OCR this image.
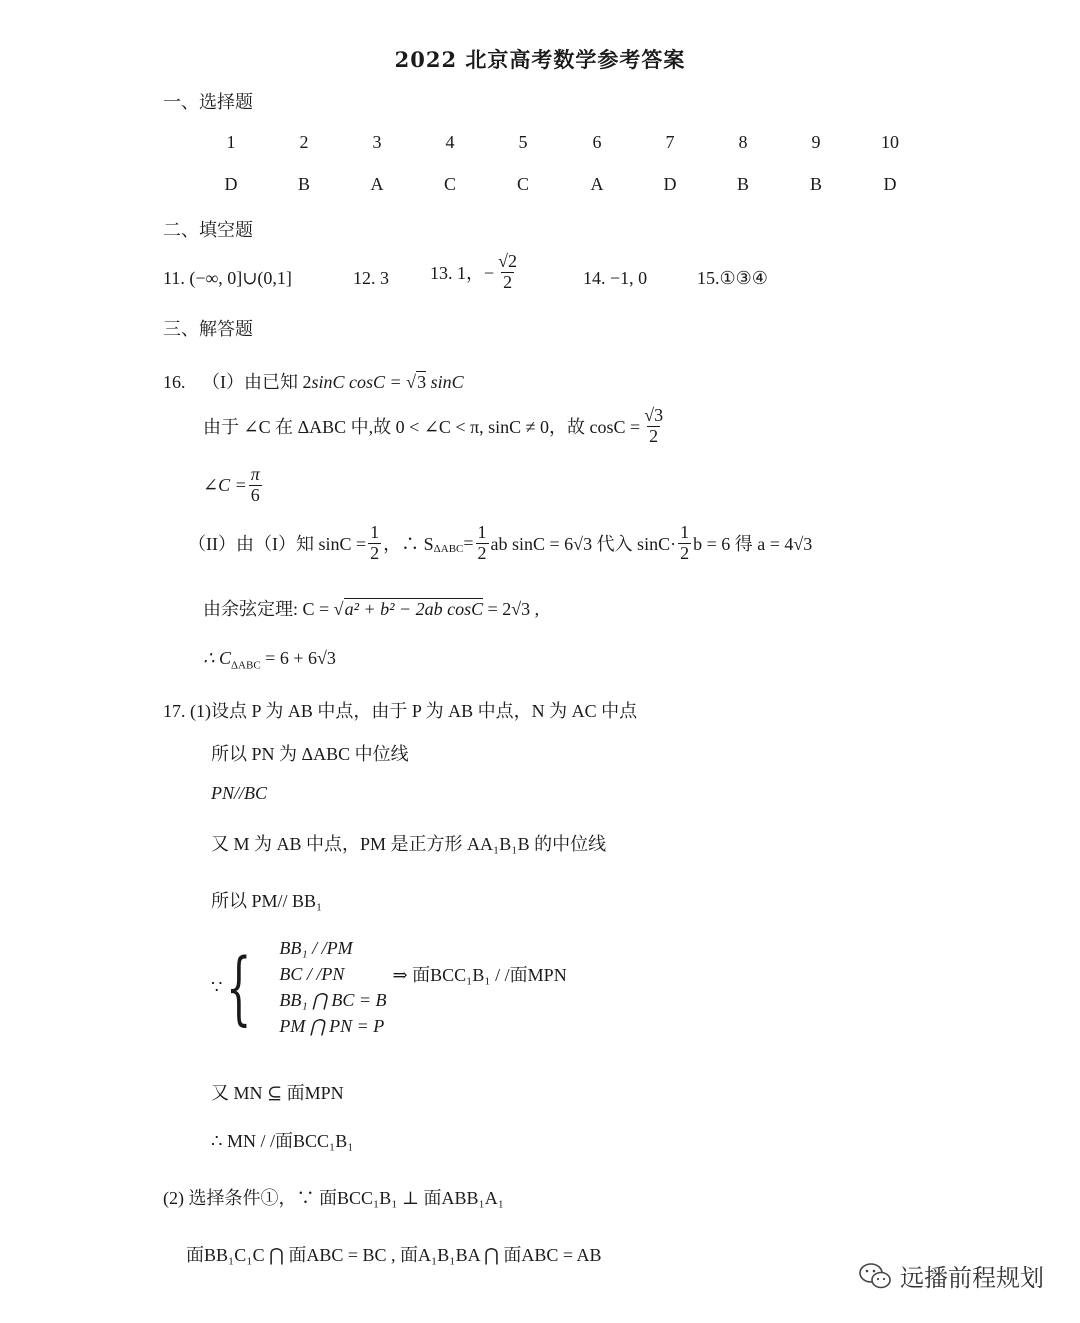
2022 北京高考数学参考答案
一、选择题
1	2	3	4	5	6	7	8	9	10
D	B	A	C	C	A	D	B	B	D
二、填空题
11. (−∞, 0]∪(0,1]	12. 3 13. 1，− $\frac{√2}{2}$	14. −1, 0	15.①③④
三、解答题
16. （I）由已知 2sinC cosC = √3 sinC
由于 ∠C 在 ΔABC 中,故 0 < ∠C < π, sinC ≠ 0，故 $\cos C = \frac{√3}{2}$
∠C = $\frac{\pi}{6}$
（II）由（I）知 $\sin C = \frac{1}{2}$ ，∴ $S_{\Delta ABC} = \frac{1}{2}$ ab sinC = 6√3 代入 $\sin C\cdot \frac{1}{2}$ b = 6 得 a = 4√3
由余弦定理: C = √a² + b² − 2ab cosC = 2√3 ,
∴ $C_{\Delta ABC} = 6 + 6√3$
17. (1)设点 P 为 AB 中点，由于 P 为 AB 中点，N 为 AC 中点
所以 PN 为 ΔABC 中位线
PN//BC
又 M 为 AB 中点，PM 是正方形 AA₁B₁B 的中位线
所以 PM// BB₁
∵ { BB₁ / /PM
BC / /PN
BB₁ ⋂ BC = B
PM ⋂ PN = P
⇒ 面BCC₁B₁ / /面MPN
又 MN ⊆ 面MPN
∴ MN / /面BCC₁B₁
(2) 选择条件①，∵ 面BCC₁B₁ ⊥ 面ABB₁A₁
面BB₁C₁C ⋂ 面ABC = BC , 面A₁B₁BA ⋂ 面ABC = AB
远播前程规划
